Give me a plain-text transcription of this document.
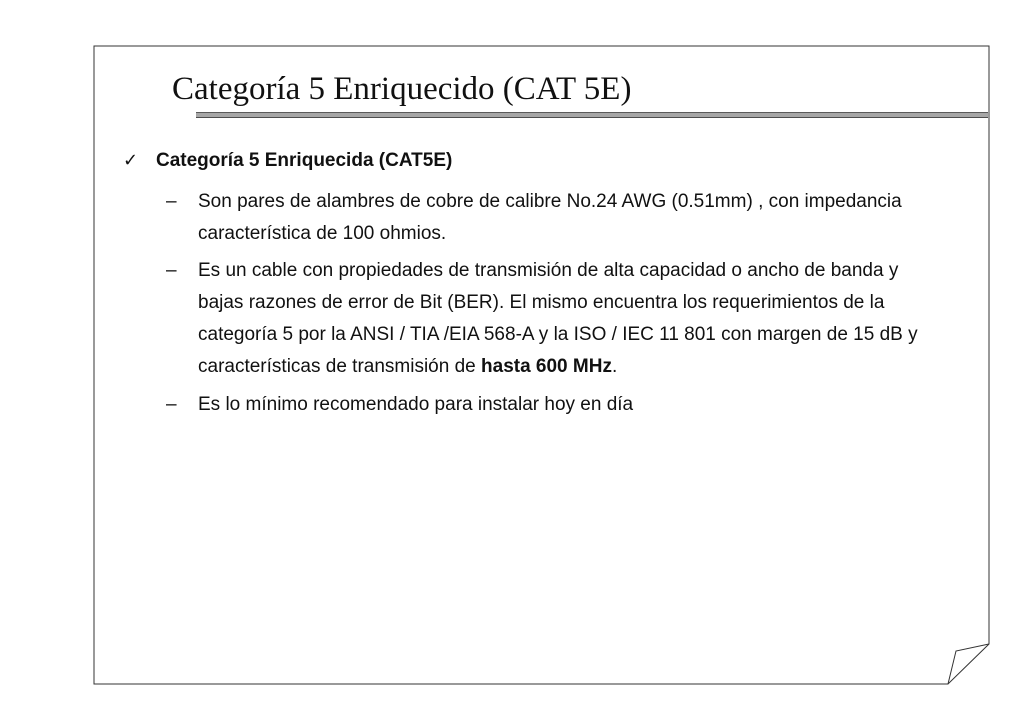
Categoría 5 Enriquecido (CAT 5E)
✓ Categoría 5 Enriquecida (CAT5E)
– Son pares de alambres de cobre de calibre No.24 AWG (0.51mm) , con impedancia característica de 100 ohmios.
– Es un cable con propiedades de transmisión de alta capacidad o ancho de banda y bajas razones de error de Bit (BER). El mismo encuentra los requerimientos de la categoría 5 por la ANSI / TIA /EIA 568-A y la ISO / IEC 11 801 con margen de 15 dB y características de transmisión de hasta 600 MHz.
– Es lo mínimo recomendado para instalar hoy en día
